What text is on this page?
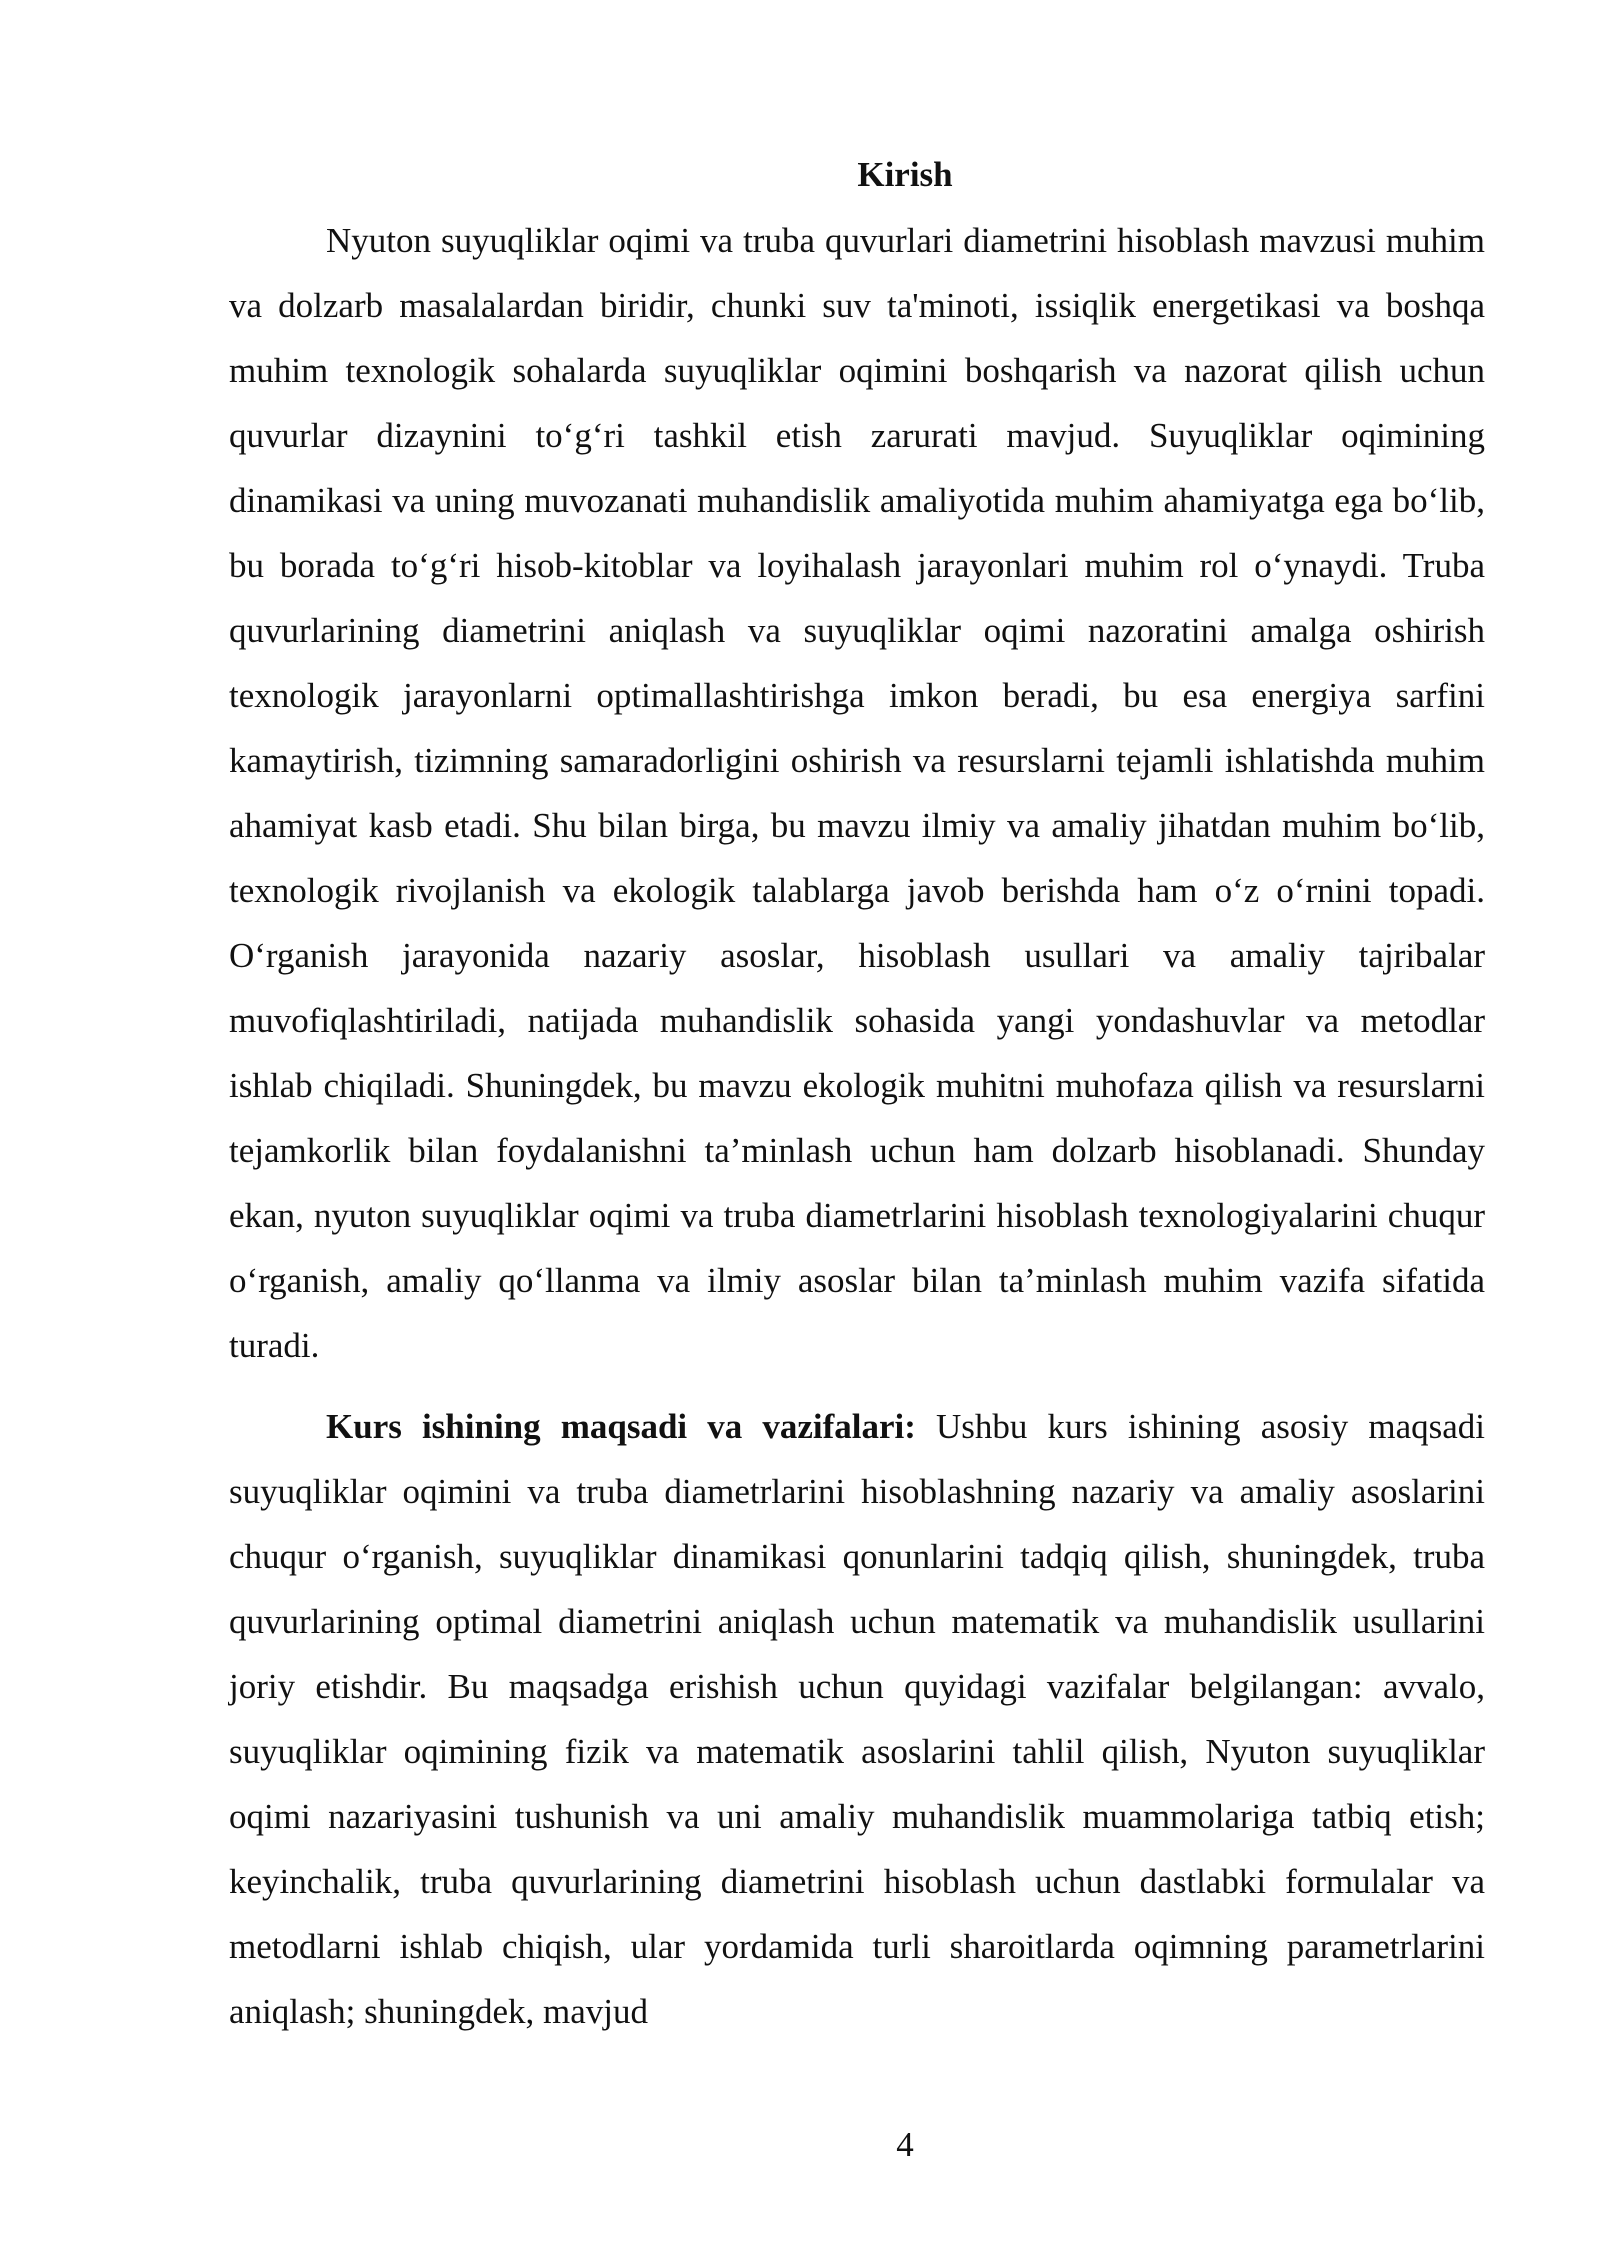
Kirish

Nyuton suyuqliklar oqimi va truba quvurlari diametrini hisoblash mavzusi muhim va dolzarb masalalardan biridir, chunki suv ta'minoti, issiqlik energetikasi va boshqa muhim texnologik sohalarda suyuqliklar oqimini boshqarish va nazorat qilish uchun quvurlar dizaynini to‘g‘ri tashkil etish zarurati mavjud. Suyuqliklar oqimining dinamikasi va uning muvozanati muhandislik amaliyotida muhim ahamiyatga ega bo‘lib, bu borada to‘g‘ri hisob-kitoblar va loyihalash jarayonlari muhim rol o‘ynaydi. Truba quvurlarining diametrini aniqlash va suyuqliklar oqimi nazoratini amalga oshirish texnologik jarayonlarni optimallashtirishga imkon beradi, bu esa energiya sarfini kamaytirish, tizimning samaradorligini oshirish va resurslarni tejamli ishlatishda muhim ahamiyat kasb etadi. Shu bilan birga, bu mavzu ilmiy va amaliy jihatdan muhim bo‘lib, texnologik rivojlanish va ekologik talablarga javob berishda ham o‘z o‘rnini topadi. O‘rganish jarayonida nazariy asoslar, hisoblash usullari va amaliy tajribalar muvofiqlashtiriladi, natijada muhandislik sohasida yangi yondashuvlar va metodlar ishlab chiqiladi. Shuningdek, bu mavzu ekologik muhitni muhofaza qilish va resurslarni tejamkorlik bilan foydalanishni ta’minlash uchun ham dolzarb hisoblanadi. Shunday ekan, nyuton suyuqliklar oqimi va truba diametrlarini hisoblash texnologiyalarini chuqur o‘rganish, amaliy qo‘llanma va ilmiy asoslar bilan ta’minlash muhim vazifa sifatida turadi.

Kurs ishining maqsadi va vazifalari: Ushbu kurs ishining asosiy maqsadi suyuqliklar oqimini va truba diametrlarini hisoblashning nazariy va amaliy asoslarini chuqur o‘rganish, suyuqliklar dinamikasi qonunlarini tadqiq qilish, shuningdek, truba quvurlarining optimal diametrini aniqlash uchun matematik va muhandislik usullarini joriy etishdir. Bu maqsadga erishish uchun quyidagi vazifalar belgilangan: avvalo, suyuqliklar oqimining fizik va matematik asoslarini tahlil qilish, Nyuton suyuqliklar oqimi nazariyasini tushunish va uni amaliy muhandislik muammolariga tatbiq etish; keyinchalik, truba quvurlarining diametrini hisoblash uchun dastlabki formulalar va metodlarni ishlab chiqish, ular yordamida turli sharoitlarda oqimning parametrlarini aniqlash; shuningdek, mavjud

4
